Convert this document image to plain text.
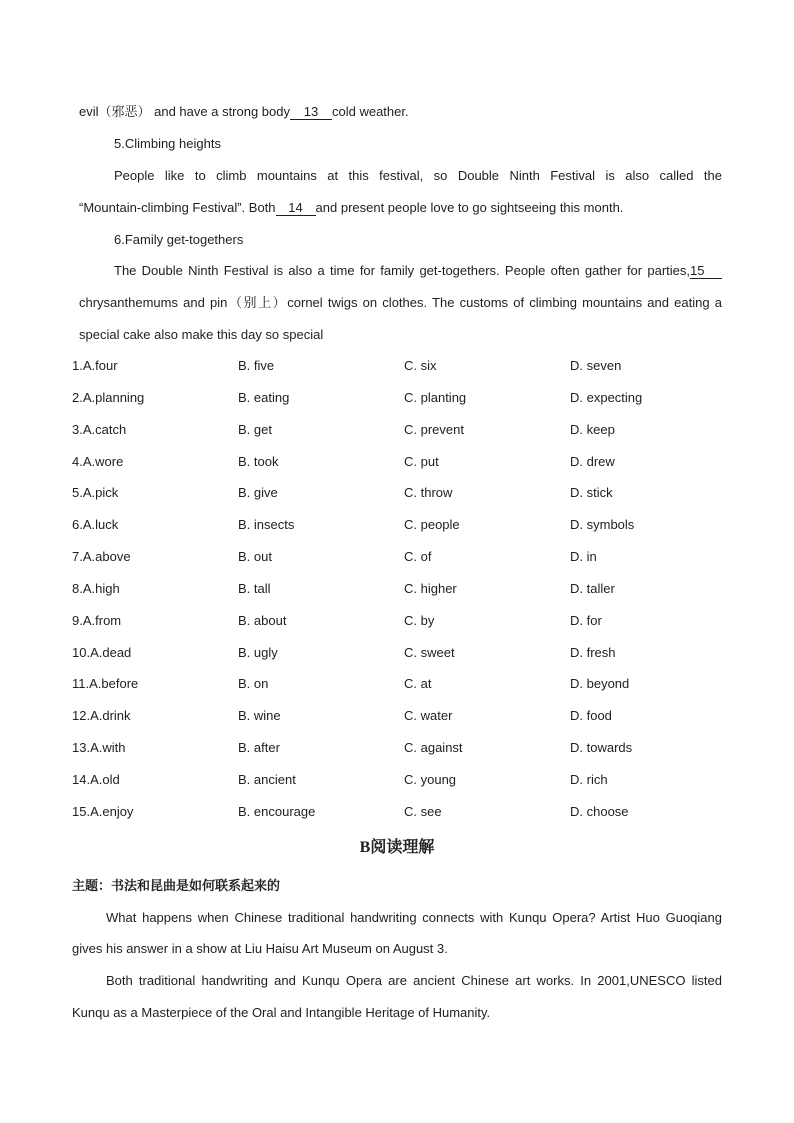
evil（邪恶） and have a strong body 13 cold weather.
5.Climbing heights
People like to climb mountains at this festival, so Double Ninth Festival is also called the
“Mountain-climbing Festival”. Both 14 and present people love to go sightseeing this month.
6.Family get-togethers
The Double Ninth Festival is also a time for family get-togethers. People often gather for parties,15
chrysanthemums and pin（别上）cornel twigs on clothes. The customs of climbing mountains and eating a
special cake also make this day so special
1.A.four	B. five	C. six	D. seven
2.A.planning	B. eating	C. planting	D. expecting
3.A.catch	B. get	C. prevent	D. keep
4.A.wore	B. took	C. put	D. drew
5.A.pick	B. give	C. throw	D. stick
6.A.luck	B. insects	C. people	D. symbols
7.A.above	B. out	C. of	D. in
8.A.high	B. tall	C. higher	D. taller
9.A.from	B. about	C. by	D. for
10.A.dead	B. ugly	C. sweet	D. fresh
11.A.before	B. on	C. at	D. beyond
12.A.drink	B. wine	C. water	D. food
13.A.with	B. after	C. against	D. towards
14.A.old	B. ancient	C. young	D. rich
15.A.enjoy	B. encourage	C. see	D. choose
B阅读理解
主题：书法和昆曲是如何联系起来的
What happens when Chinese traditional handwriting connects with Kunqu Opera? Artist Huo Guoqiang
gives his answer in a show at Liu Haisu Art Museum on August 3.
Both traditional handwriting and Kunqu Opera are ancient Chinese art works. In 2001,UNESCO listed
Kunqu as a Masterpiece of the Oral and Intangible Heritage of Humanity.
